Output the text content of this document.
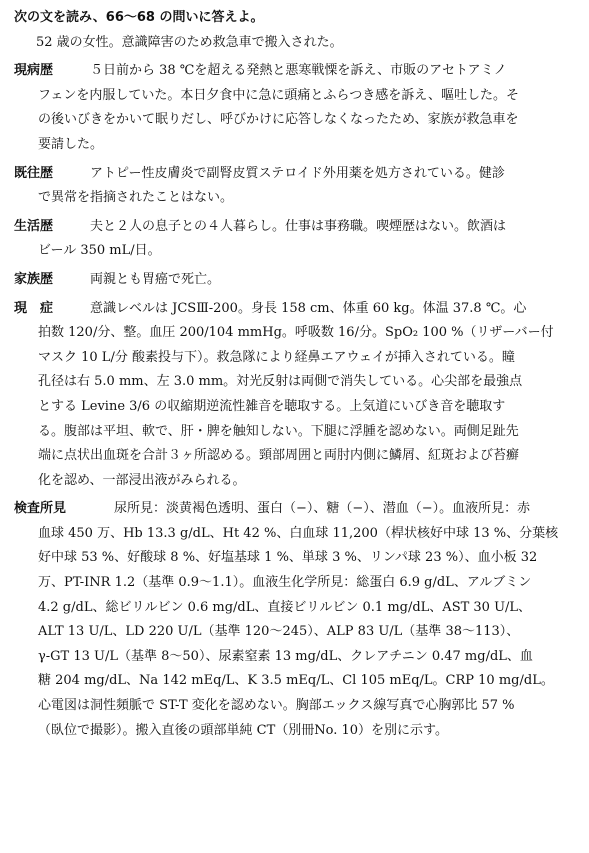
次の文を読み、66〜68 の問いに答えよ。

52 歳の女性。意識障害のため救急車で搬入された。

現病歴	５日前から 38 ℃を超える発熱と悪寒戦慄を訴え、市販のアセトアミノ
フェンを内服していた。本日夕食中に急に頭痛とふらつき感を訴え、嘔吐した。そ
の後いびきをかいて眠りだし、呼びかけに応答しなくなったため、家族が救急車を
要請した。
既往歴	アトピー性皮膚炎で副腎皮質ステロイド外用薬を処方されている。健診
で異常を指摘されたことはない。
生活歴	夫と２人の息子との４人暮らし。仕事は事務職。喫煙歴はない。飲酒は
ビール 350 mL/日。
家族歴	両親とも胃癌で死亡。
現　症	意識レベルは JCSⅢ-200。身長 158 cm、体重 60 kg。体温 37.8 ℃。心
拍数 120/分、整。血圧 200/104 mmHg。呼吸数 16/分。SpO₂ 100 %（リザーバー付
マスク 10 L/分 酸素投与下）。救急隊により経鼻エアウェイが挿入されている。瞳
孔径は右 5.0 mm、左 3.0 mm。対光反射は両側で消失している。心尖部を最強点
とする Levine 3/6 の収縮期逆流性雑音を聴取する。上気道にいびき音を聴取す
る。腹部は平坦、軟で、肝・脾を触知しない。下腿に浮腫を認めない。両側足趾先
端に点状出血斑を合計３ヶ所認める。頸部周囲と両肘内側に鱗屑、紅斑および苔癬
化を認め、一部浸出液がみられる。
検査所見	尿所見：淡黄褐色透明、蛋白（−）、糖（−）、潜血（−）。血液所見：赤
血球 450 万、Hb 13.3 g/dL、Ht 42 %、白血球 11,200（桿状核好中球 13 %、分葉核
好中球 53 %、好酸球 8 %、好塩基球 1 %、単球 3 %、リンパ球 23 %）、血小板 32
万、PT-INR 1.2（基準 0.9〜1.1）。血液生化学所見：総蛋白 6.9 g/dL、アルブミン
4.2 g/dL、総ビリルビン 0.6 mg/dL、直接ビリルビン 0.1 mg/dL、AST 30 U/L、
ALT 13 U/L、LD 220 U/L（基準 120〜245）、ALP 83 U/L（基準 38〜113）、
γ-GT 13 U/L（基準 8〜50）、尿素窒素 13 mg/dL、クレアチニン 0.47 mg/dL、血
糖 204 mg/dL、Na 142 mEq/L、K 3.5 mEq/L、Cl 105 mEq/L。CRP 10 mg/dL。
心電図は洞性頻脈で ST-T 変化を認めない。胸部エックス線写真で心胸郭比 57 %
（臥位で撮影）。搬入直後の頭部単純 CT（別冊No. 10）を別に示す。
